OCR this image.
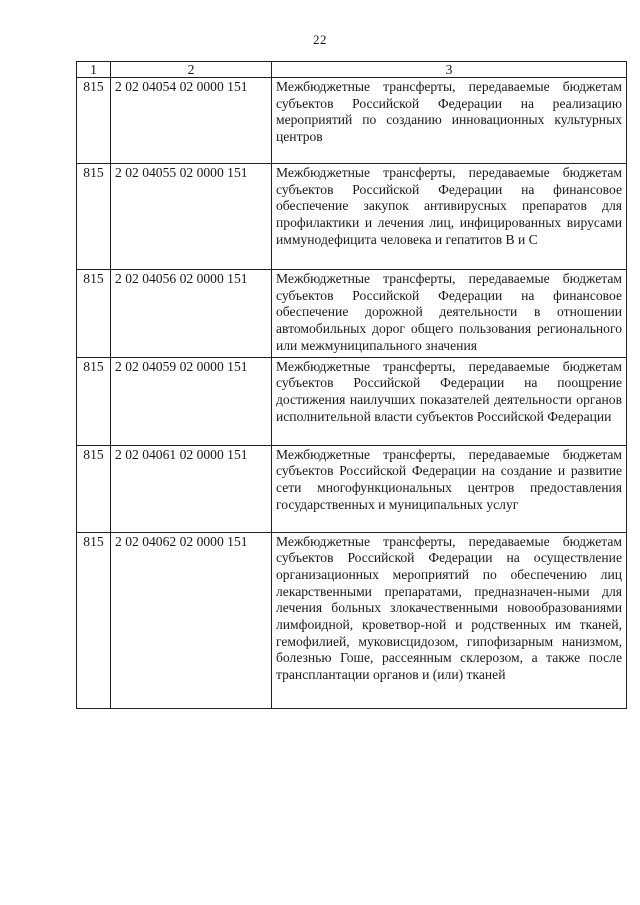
22
1	2	3
815	2 02 04054 02 0000 151	Межбюджетные трансферты, передаваемые бюджетам субъектов Российской Федерации на реализацию мероприятий по созданию инновационных культурных центров
815	2 02 04055 02 0000 151	Межбюджетные трансферты, передаваемые бюджетам субъектов Российской Федерации на финансовое обеспечение закупок антивирусных препаратов для профилактики и лечения лиц, инфицированных вирусами иммунодефицита человека и гепатитов В и С
815	2 02 04056 02 0000 151	Межбюджетные трансферты, передаваемые бюджетам субъектов Российской Федерации на финансовое обеспечение дорожной деятельности в отношении автомобильных дорог общего пользования регионального или межмуниципального значения
815	2 02 04059 02 0000 151	Межбюджетные трансферты, передаваемые бюджетам субъектов Российской Федерации на поощрение достижения наилучших показателей деятельности органов исполнительной власти субъектов Российской Федерации
815	2 02 04061 02 0000 151	Межбюджетные трансферты, передаваемые бюджетам субъектов Российской Федерации на создание и развитие сети многофункциональных центров предоставления государственных и муниципальных услуг
815	2 02 04062 02 0000 151	Межбюджетные трансферты, передаваемые бюджетам субъектов Российской Федерации на осуществление организационных мероприятий по обеспечению лиц лекарственными препаратами, предназначен-ными для лечения больных злокачественными новообразованиями лимфоидной, кроветвор-ной и родственных им тканей, гемофилией, муковисцидозом, гипофизарным нанизмом, болезнью Гоше, рассеянным склерозом, а также после трансплантации органов и (или) тканей
